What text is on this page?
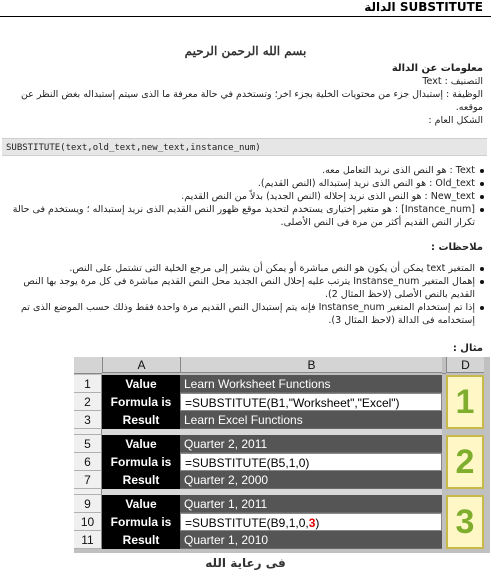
الدالة SUBSTITUTE
بسم الله الرحمن الرحيم
معلومات عن الدالة
التصنيف : Text
الوظيفة : إستبدال جزء من محتويات الخلية بجزء اخر؛ وتستخدم في حالة معرفة ما الذى سيتم إستبداله بغض النظر عن موقعه.
الشكل العام :
SUBSTITUTE(text,old_text,new_text,instance_num)
Text : هو النص الذى نريد التعامل معه.
Old_text : هو النص الذى نريد إستبداله (النص القديم).
New_text : هو النص الذى نريد إحلاله (النص الجديد) بدلاً من النص القديم.
[Instance_num] : هو متغير إختيارى يستخدم لتحديد موقع ظهور النص القديم الذى نريد إستبداله ؛ ويستخدم فى حالة تكرار النص القديم أكثر من مرة فى النص الأصلى.
ملاحظات :
المتغير text يمكن أن يكون هو النص مباشرة أو يمكن أن يشير إلى مرجع الخلية التى تشتمل على النص.
إهمال المتغير Instanse_num يترتب عليه إحلال النص الجديد محل النص القديم مباشرة فى كل مرة يوجد بها النص القديم بالنص الأصلى (لاحظ المثال 2).
إذا تم إستخدام المتغير Instanse_num فإنه يتم إستبدال النص القديم مرة واحدة فقط وذلك حسب الموضع الذى تم إستخدامه فى الدالة (لاحظ المثال 3).
مثال :
A	B	D
1	Value	Learn Worksheet Functions
2	Formula is	=SUBSTITUTE(B1,"Worksheet","Excel")
3	Result	Learn Excel Functions	1
5	Value	Quarter 2, 2011
6	Formula is	=SUBSTITUTE(B5,1,0)
7	Result	Quarter 2, 2000	2
9	Value	Quarter 1, 2011
10	Formula is	=SUBSTITUTE(B9,1,0,3)
11	Result	Quarter 1, 2010	3
فى رعاية الله
